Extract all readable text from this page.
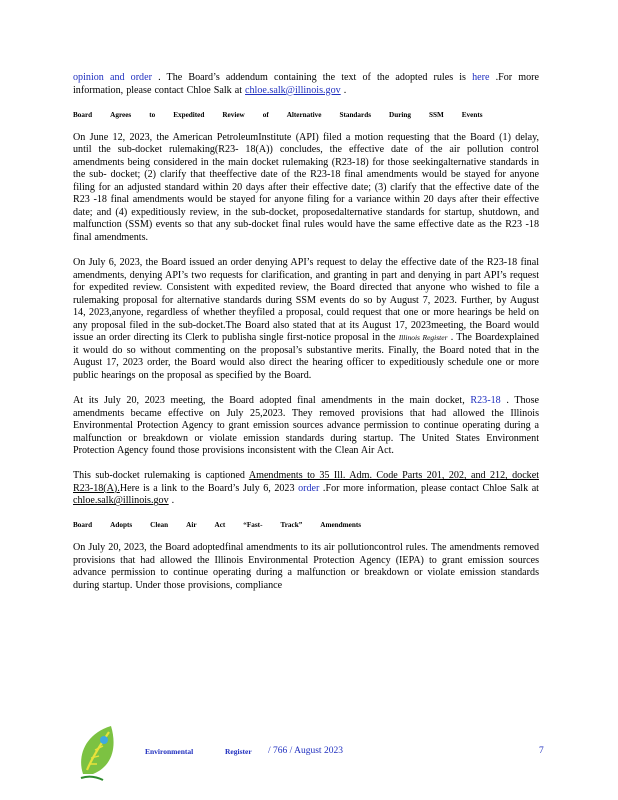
opinion and order . The Board’s addendum containing the text of the adopted rules is here .For more information, please contact Chloe Salk at chloe.salk@illinois.gov .

Board	Agrees	to	Expedited	Review	of	Alternative	Standards	During	SSM	Events

On June 12, 2023, the American PetroleumInstitute (API) filed a motion requesting that the Board (1) delay, until the sub-docket rulemaking(R23- 18(A)) concludes, the effective date of the air pollution control amendments being considered in the main docket rulemaking (R23-18) for those seekingalternative standards in the sub- docket; (2) clarify that theeffective date of the R23-18 final amendments would be stayed for anyone filing for an adjusted standard within 20 days after their effective date; (3) clarify that the effective date of the R23 -18 final amendments would be stayed for anyone filing for a variance within 20 days after their effective date; and (4) expeditiously review, in the sub-docket, proposedalternative standards for startup, shutdown, and malfunction (SSM) events so that any sub-docket final rules would have the same effective date as the R23 -18 final amendments.

On July 6, 2023, the Board issued an order denying API’s request to delay the effective date of the R23-18 final amendments, denying API’s two requests for clarification, and granting in part and denying in part API’s request for expedited review. Consistent with expedited review, the Board directed that anyone who wished to file a rulemaking proposal for alternative standards during SSM events do so by August 7, 2023. Further, by August 14, 2023,anyone, regardless of whether theyfiled a proposal, could request that one or more hearings be held on any proposal filed in the sub-docket.The Board also stated that at its August 17, 2023meeting, the Board would issue an order directing its Clerk to publisha single first-notice proposal in the Illinois Register . The Boardexplained it would do so without commenting on the proposal’s substantive merits. Finally, the Board noted that in the August 17, 2023 order, the Board would also direct the hearing officer to expeditiously schedule one or more public hearings on the proposal as specified by the Board.

At its July 20, 2023 meeting, the Board adopted final amendments in the main docket, R23-18 . Those amendments became effective on July 25,2023. They removed provisions that had allowed the Illinois Environmental Protection Agency to grant emission sources advance permission to continue operating during a malfunction or breakdown or violate emission standards during startup. The United States Environment Protection Agency found those provisions inconsistent with the Clean Air Act.

This sub-docket rulemaking is captioned Amendments to 35 Ill. Adm. Code Parts 201, 202, and 212, docket R23-18(A).Here is a link to the Board’s July 6, 2023 order .For more information, please contact Chloe Salk at chloe.salk@illinois.gov .

Board	Adopts	Clean	Air	Act	“Fast-	Track”	Amendments

On July 20, 2023, the Board adoptedfinal amendments to its air pollutioncontrol rules. The amendments removed provisions that had allowed the Illinois Environmental Protection Agency (IEPA) to grant emission sources advance permission to continue operating during a malfunction or breakdown or violate emission standards during startup. Under those provisions, compliance

Environmental	Register / 766 / August 2023	7
